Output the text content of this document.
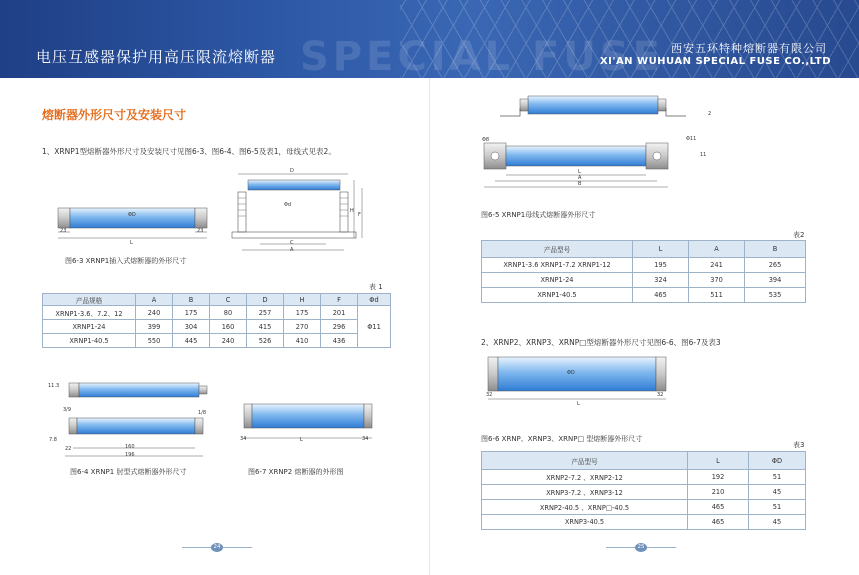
SPECIAL FUSE
电压互感器保护用高压限流熔断器	西安五环特种熔断器有限公司
XI'AN WUHUAN SPECIAL FUSE CO.,LTD
熔断器外形尺寸及安装尺寸
1、XRNP1型熔断器外形尺寸及安装尺寸见图6-3、图6-4、图6-5及表1，母线式见表2。
23	23
L
ΦD
D
Φd
C
A
H
F
图6-3 XRNP1插入式熔断器的外形尺寸
表 1
产品规格	A	B	C	D	H	F	Φd
XRNP1-3.6、7.2、12	240	175	80	257	175	201	Φ11
XRNP1-24	399	304	160	415	270	296	
XRNP1-40.5	550	445	240	526	410	436	
11.3
3/9
7.8
22	160
196
1/8
图6-4 XRNP1 肘型式熔断器外形尺寸
34	34
L
图6-7 XRNP2 熔断器的外形图
24
2
Φ8	Φ11
11
L
A
B
图6-5 XRNP1母线式熔断器外形尺寸
表2
产品型号	L	A	B
XRNP1-3.6 XRNP1-7.2 XRNP1-12	195	241	265
XRNP1-24	324	370	394
XRNP1-40.5	465	511	535
2、XRNP2、XRNP3、XRNP□型熔断器外形尺寸见图6-6、图6-7及表3
32	32
L
ΦD
图6-6 XRNP、XRNP3、XRNP□ 型熔断器外形尺寸
表3
产品型号	L	ΦD
XRNP2-7.2 、XRNP2-12	192	51
XRNP3-7.2 、XRNP3-12	210	45
XRNP2-40.5 、XRNP□-40.5	465	51
XRNP3-40.5	465	45
25
